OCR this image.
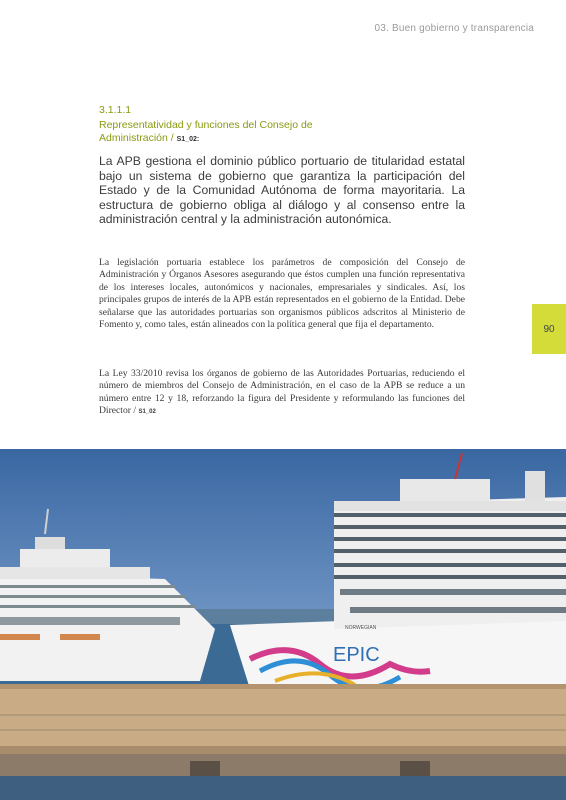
03. Buen gobierno y transparencia
3.1.1.1
Representatividad y funciones del Consejo de Administración / S1_02:

La APB gestiona el dominio público portuario de titularidad estatal bajo un sistema de gobierno que garantiza la participación del Estado y de la Comunidad Autónoma de forma mayoritaria. La estructura de gobierno obliga al diálogo y al consenso entre la administración central y la administración autonómica.

La legislación portuaria establece los parámetros de composición del Consejo de Administración y Órganos Asesores asegurando que éstos cumplen una función representativa de los intereses locales, autonómicos y nacionales, empresariales y sindicales. Así, los principales grupos de interés de la APB están representados en el gobierno de la Entidad. Debe señalarse que las autoridades portuarias son organismos públicos adscritos al Ministerio de Fomento y, como tales, están alineados con la política general que fija el departamento.

La Ley 33/2010 revisa los órganos de gobierno de las Autoridades Portuarias, reduciendo el número de miembros del Consejo de Administración, en el caso de la APB se reduce a un número entre 12 y 18, reforzando la figura del Presidente y reformulando las funciones del Director / S1_02

90
EPIC
NORWEGIAN
